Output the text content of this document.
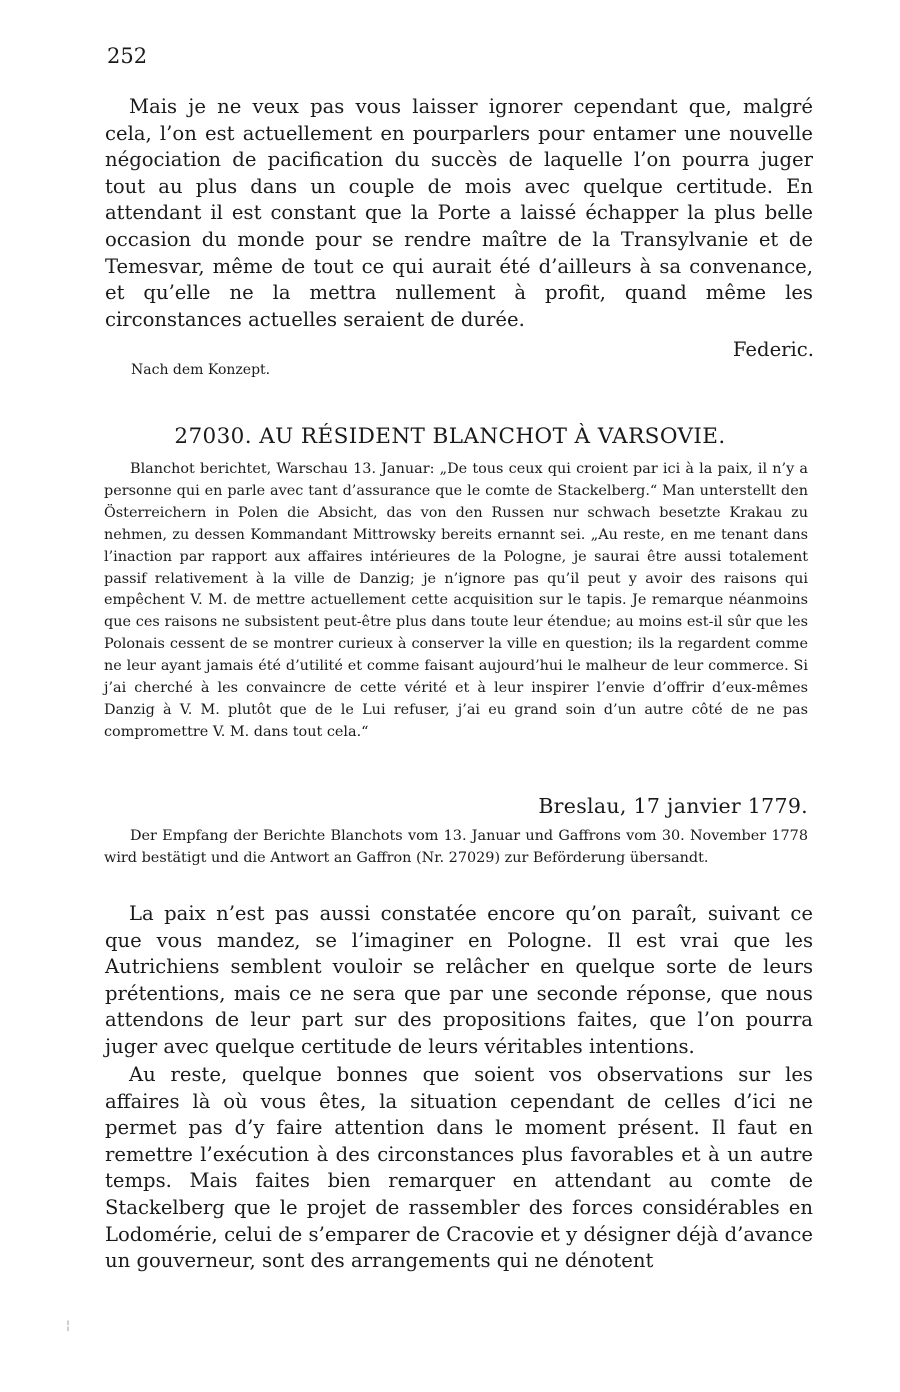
252

Mais je ne veux pas vous laisser ignorer cependant que, malgré cela, l’on est actuellement en pourparlers pour entamer une nouvelle négociation de pacification du succès de laquelle l’on pourra juger tout au plus dans un couple de mois avec quelque certitude. En attendant il est constant que la Porte a laissé échapper la plus belle occasion du monde pour se rendre maître de la Transylvanie et de Temesvar, même de tout ce qui aurait été d’ailleurs à sa convenance, et qu’elle ne la mettra nullement à profit, quand même les circonstances actuelles seraient de durée.

Federic.
Nach dem Konzept.
27030. AU RÉSIDENT BLANCHOT À VARSOVIE.

Blanchot berichtet, Warschau 13. Januar: „De tous ceux qui croient par ici à la paix, il n’y a personne qui en parle avec tant d’assurance que le comte de Stackelberg.“ Man unterstellt den Österreichern in Polen die Absicht, das von den Russen nur schwach besetzte Krakau zu nehmen, zu dessen Kommandant Mittrowsky bereits ernannt sei. „Au reste, en me tenant dans l’inaction par rapport aux affaires intérieures de la Pologne, je saurai être aussi totalement passif relativement à la ville de Danzig; je n’ignore pas qu’il peut y avoir des raisons qui empêchent V. M. de mettre actuellement cette acquisition sur le tapis. Je remarque néanmoins que ces raisons ne subsistent peut-être plus dans toute leur étendue; au moins est-il sûr que les Polonais cessent de se montrer curieux à conserver la ville en question; ils la regardent comme ne leur ayant jamais été d’utilité et comme faisant aujourd’hui le malheur de leur commerce. Si j’ai cherché à les convaincre de cette vérité et à leur inspirer l’envie d’offrir d’eux-mêmes Danzig à V. M. plutôt que de le Lui refuser, j’ai eu grand soin d’un autre côté de ne pas compromettre V. M. dans tout cela.“

Breslau, 17 janvier 1779.

Der Empfang der Berichte Blanchots vom 13. Januar und Gaffrons vom 30. November 1778 wird bestätigt und die Antwort an Gaffron (Nr. 27029) zur Beförderung übersandt.

La paix n’est pas aussi constatée encore qu’on paraît, suivant ce que vous mandez, se l’imaginer en Pologne. Il est vrai que les Autrichiens semblent vouloir se relâcher en quelque sorte de leurs prétentions, mais ce ne sera que par une seconde réponse, que nous attendons de leur part sur des propositions faites, que l’on pourra juger avec quelque certitude de leurs véritables intentions.

Au reste, quelque bonnes que soient vos observations sur les affaires là où vous êtes, la situation cependant de celles d’ici ne permet pas d’y faire attention dans le moment présent. Il faut en remettre l’exécution à des circonstances plus favorables et à un autre temps. Mais faites bien remarquer en attendant au comte de Stackelberg que le projet de rassembler des forces considérables en Lodomérie, celui de s’emparer de Cracovie et y désigner déjà d’avance un gouverneur, sont des arrangements qui ne dénotent

¦
